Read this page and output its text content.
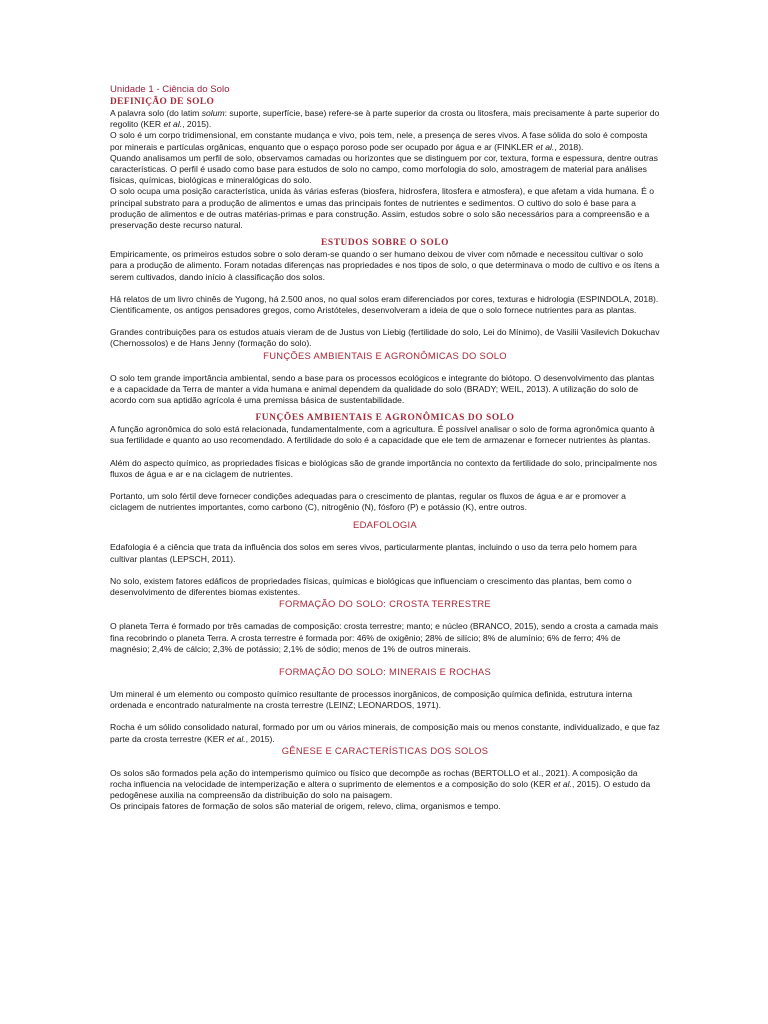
Unidade 1 - Ciência do Solo

DEFINIÇÃO DE SOLO

A palavra solo (do latim solum: suporte, superfície, base) refere-se à parte superior da crosta ou litosfera, mais precisamente à parte superior do regolito (KER et al., 2015).

O solo é um corpo tridimensional, em constante mudança e vivo, pois tem, nele, a presença de seres vivos. A fase sólida do solo é composta por minerais e partículas orgânicas, enquanto que o espaço poroso pode ser ocupado por água e ar (FINKLER et al., 2018).

Quando analisamos um perfil de solo, observamos camadas ou horizontes que se distinguem por cor, textura, forma e espessura, dentre outras características. O perfil é usado como base para estudos de solo no campo, como morfologia do solo, amostragem de material para análises físicas, químicas, biológicas e mineralógicas do solo.

O solo ocupa uma posição característica, unida às várias esferas (biosfera, hidrosfera, litosfera e atmosfera), e que afetam a vida humana. É o principal substrato para a produção de alimentos e umas das principais fontes de nutrientes e sedimentos. O cultivo do solo é base para a produção de alimentos e de outras matérias-primas e para construção. Assim, estudos sobre o solo são necessários para a compreensão e a preservação deste recurso natural.

ESTUDOS SOBRE O SOLO

Empiricamente, os primeiros estudos sobre o solo deram-se quando o ser humano deixou de viver com nômade e necessitou cultivar o solo para a produção de alimento. Foram notadas diferenças nas propriedades e nos tipos de solo, o que determinava o modo de cultivo e os ítens a serem cultivados, dando início à classificação dos solos.

Há relatos de um livro chinês de Yugong, há 2.500 anos, no qual solos eram diferenciados por cores, texturas e hidrologia (ESPINDOLA, 2018). Cientificamente, os antigos pensadores gregos, como Aristóteles, desenvolveram a ideia de que o solo fornece nutrientes para as plantas.

Grandes contribuições para os estudos atuais vieram de de Justus von Liebig (fertilidade do solo, Lei do Mínimo), de Vasilii Vasilevich Dokuchav (Chernossolos) e de Hans Jenny (formação do solo).

FUNÇÕES AMBIENTAIS E AGRONÔMICAS DO SOLO

O solo tem grande importância ambiental, sendo a base para os processos ecológicos e integrante do biótopo. O desenvolvimento das plantas e a capacidade da Terra de manter a vida humana e animal dependem da qualidade do solo (BRADY; WEIL, 2013). A utilização do solo de acordo com sua aptidão agrícola é uma premissa básica de sustentabilidade.

FUNÇÕES AMBIENTAIS E AGRONÔMICAS DO SOLO

A função agronômica do solo está relacionada, fundamentalmente, com a agricultura. É possível analisar o solo de forma agronômica quanto à sua fertilidade e quanto ao uso recomendado. A fertilidade do solo é a capacidade que ele tem de armazenar e fornecer nutrientes às plantas.

Além do aspecto químico, as propriedades físicas e biológicas são de grande importância no contexto da fertilidade do solo, principalmente nos fluxos de água e ar e na ciclagem de nutrientes.

Portanto, um solo fértil deve fornecer condições adequadas para o crescimento de plantas, regular os fluxos de água e ar e promover a ciclagem de nutrientes importantes, como carbono (C), nitrogênio (N), fósforo (P) e potássio (K), entre outros.

EDAFOLOGIA

Edafologia é a ciência que trata da influência dos solos em seres vivos, particularmente plantas, incluindo o uso da terra pelo homem para cultivar plantas (LEPSCH, 2011).

No solo, existem fatores edáficos de propriedades físicas, químicas e biológicas que influenciam o crescimento das plantas, bem como o desenvolvimento de diferentes biomas existentes.

FORMAÇÃO DO SOLO: CROSTA TERRESTRE

O planeta Terra é formado por três camadas de composição: crosta terrestre; manto; e núcleo (BRANCO, 2015), sendo a crosta a camada mais fina recobrindo o planeta Terra. A crosta terrestre é formada por: 46% de oxigênio; 28% de silício; 8% de alumínio; 6% de ferro; 4% de magnésio; 2,4% de cálcio; 2,3% de potássio; 2,1% de sódio; menos de 1% de outros minerais.

FORMAÇÃO DO SOLO: MINERAIS E ROCHAS

Um mineral é um elemento ou composto químico resultante de processos inorgânicos, de composição química definida, estrutura interna ordenada e encontrado naturalmente na crosta terrestre (LEINZ; LEONARDOS, 1971).

Rocha é um sólido consolidado natural, formado por um ou vários minerais, de composição mais ou menos constante, individualizado, e que faz parte da crosta terrestre (KER et al., 2015).

GÊNESE E CARACTERÍSTICAS DOS SOLOS

Os solos são formados pela ação do intemperismo químico ou físico que decompõe as rochas (BERTOLLO et al., 2021). A composição da rocha influencia na velocidade de intemperização e altera o suprimento de elementos e a composição do solo (KER et al., 2015). O estudo da pedogênese auxilia na compreensão da distribuição do solo na paisagem.

Os principais fatores de formação de solos são material de origem, relevo, clima, organismos e tempo.
